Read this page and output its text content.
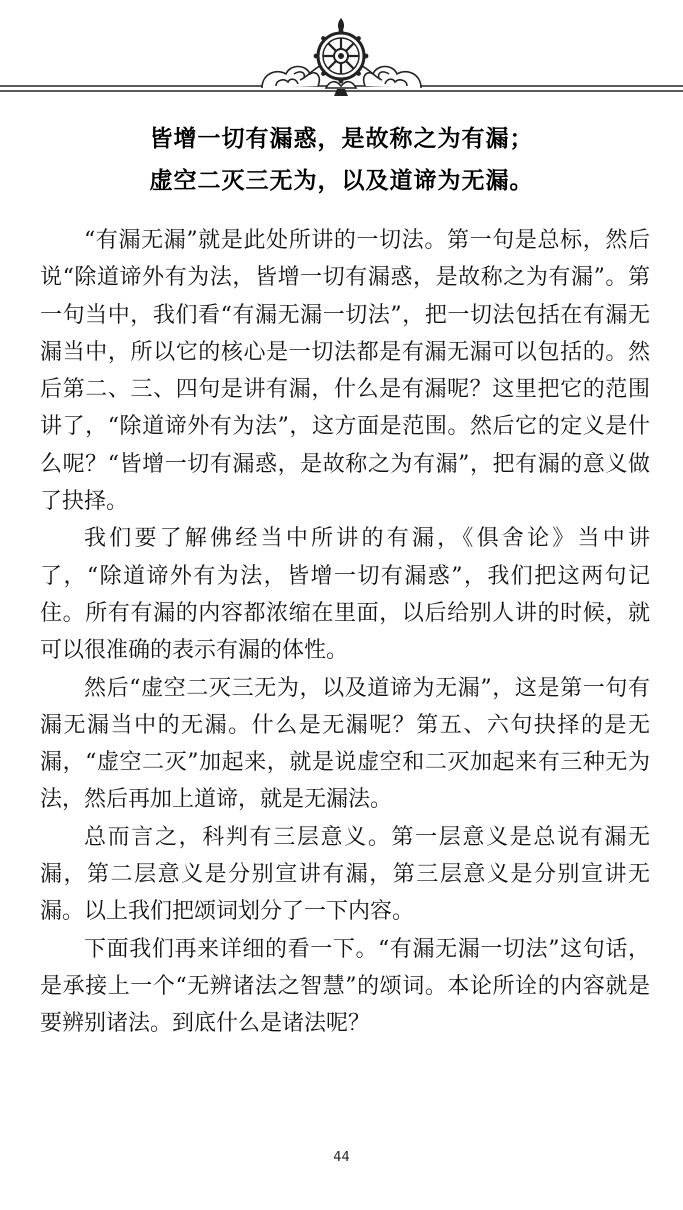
皆增一切有漏惑，是故称之为有漏；
虚空二灭三无为，以及道谛为无漏。

“有漏无漏”就是此处所讲的一切法。第一句是总标，然后说“除道谛外有为法，皆增一切有漏惑，是故称之为有漏”。第一句当中，我们看“有漏无漏一切法”，把一切法包括在有漏无漏当中，所以它的核心是一切法都是有漏无漏可以包括的。然后第二、三、四句是讲有漏，什么是有漏呢？这里把它的范围讲了，“除道谛外有为法”，这方面是范围。然后它的定义是什么呢？“皆增一切有漏惑，是故称之为有漏”，把有漏的意义做了抉择。

我们要了解佛经当中所讲的有漏，《俱舍论》当中讲了，“除道谛外有为法，皆增一切有漏惑”，我们把这两句记住。所有有漏的内容都浓缩在里面，以后给别人讲的时候，就可以很准确的表示有漏的体性。

然后“虚空二灭三无为，以及道谛为无漏”，这是第一句有漏无漏当中的无漏。什么是无漏呢？第五、六句抉择的是无漏，“虚空二灭”加起来，就是说虚空和二灭加起来有三种无为法，然后再加上道谛，就是无漏法。

总而言之，科判有三层意义。第一层意义是总说有漏无漏，第二层意义是分别宣讲有漏，第三层意义是分别宣讲无漏。以上我们把颂词划分了一下内容。

下面我们再来详细的看一下。“有漏无漏一切法”这句话，是承接上一个“无辨诸法之智慧”的颂词。本论所诠的内容就是要辨别诸法。到底什么是诸法呢？

44
